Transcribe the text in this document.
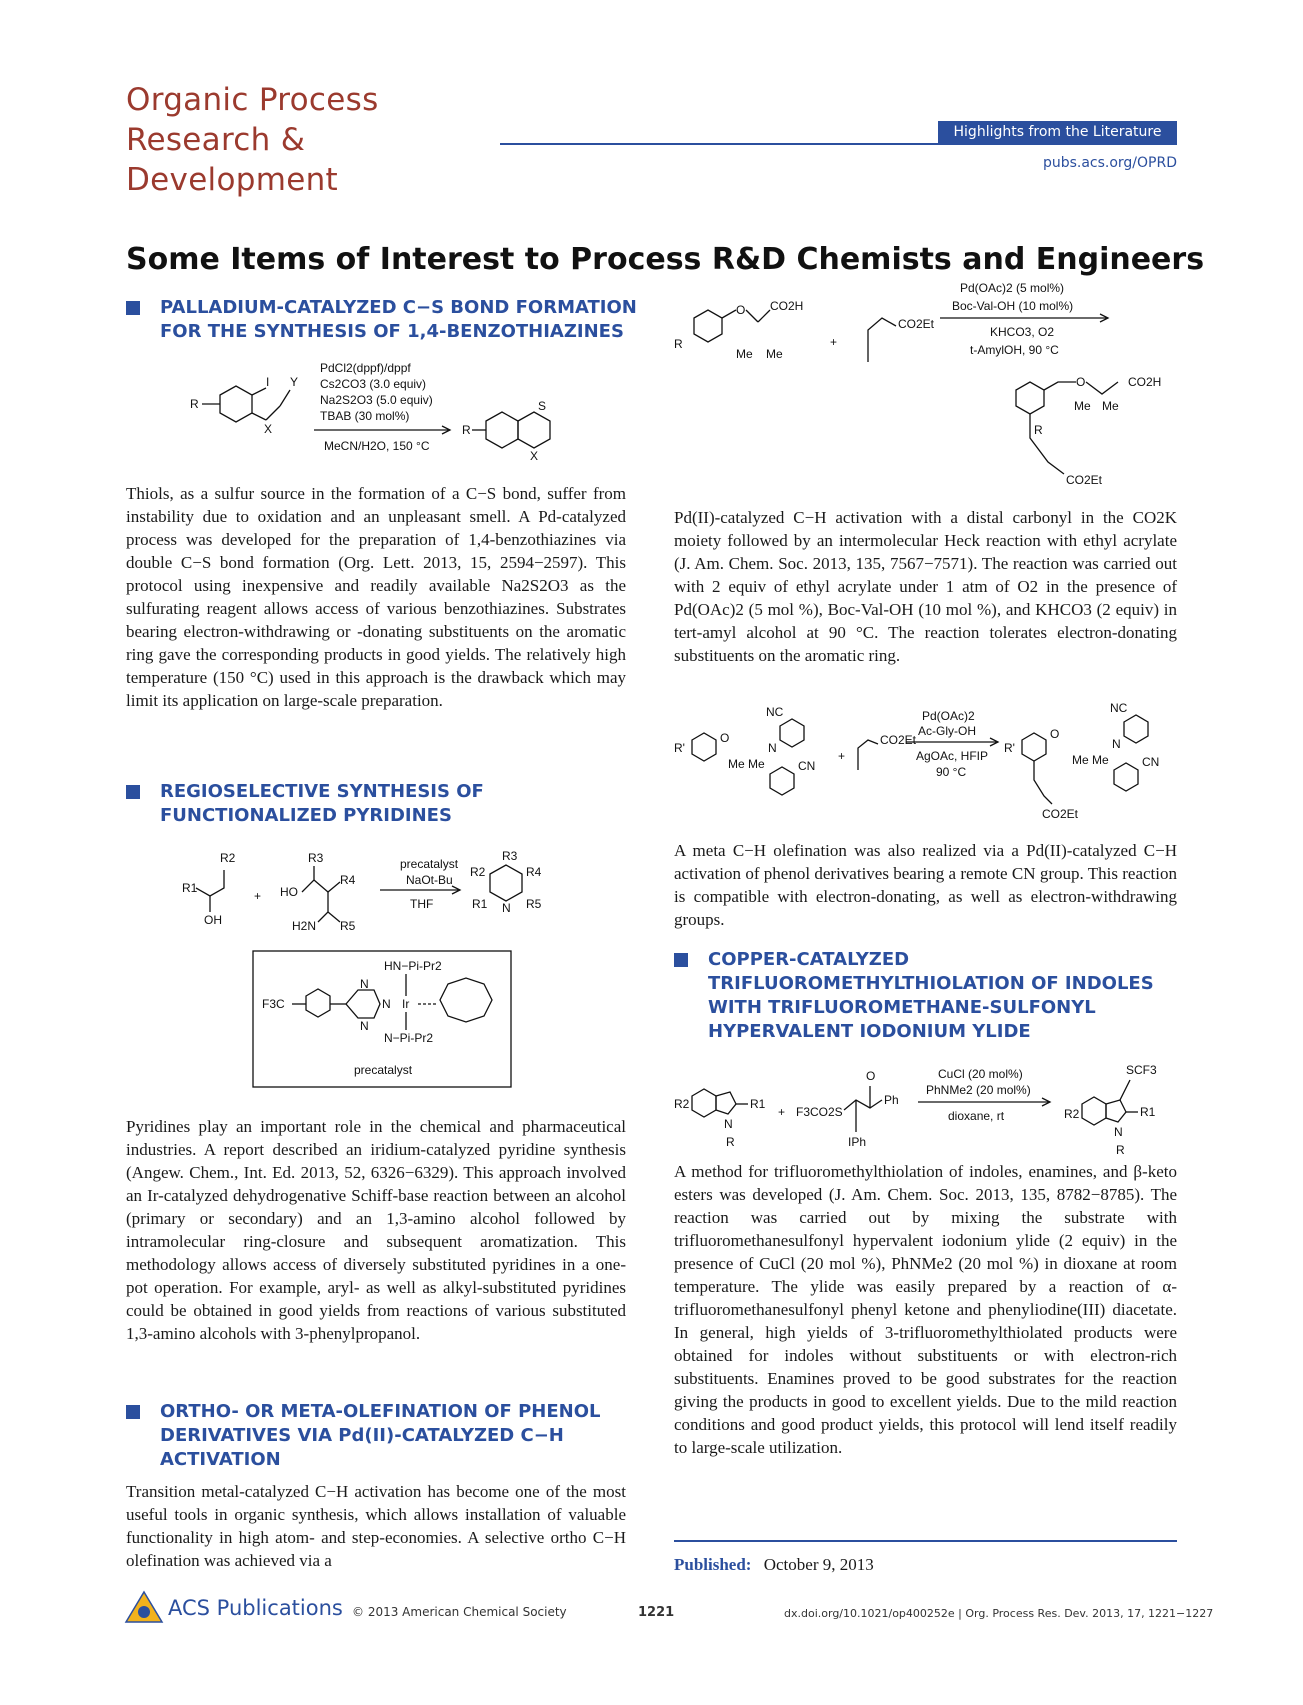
Organic Process
Research &
Development
Highlights from the Literature
pubs.acs.org/OPRD
Some Items of Interest to Process R&D Chemists and Engineers
PALLADIUM-CATALYZED C−S BOND FORMATION
FOR THE SYNTHESIS OF 1,4-BENZOTHIAZINES
R
I Y
X
PdCl2(dppf)/dppf
Cs2CO3 (3.0 equiv)
Na2S2O3 (5.0 equiv)
TBAB (30 mol%)
MeCN/H2O, 150 °C
R
S
X
Thiols, as a sulfur source in the formation of a C−S bond, suffer from instability due to oxidation and an unpleasant smell. A Pd-catalyzed process was developed for the preparation of 1,4-benzothiazines via double C−S bond formation (Org. Lett. 2013, 15, 2594−2597). This protocol using inexpensive and readily available Na2S2O3 as the sulfurating reagent allows access of various benzothiazines. Substrates bearing electron-withdrawing or -donating substituents on the aromatic ring gave the corresponding products in good yields. The relatively high temperature (150 °C) used in this approach is the drawback which may limit its application on large-scale preparation.
REGIOSELECTIVE SYNTHESIS OF
FUNCTIONALIZED PYRIDINES
R2
R1
OH
+
R3
R4
HO
H2N R5
precatalyst
NaOt-Bu
THF
R3
R2	R4
R1 N R5
HN−Pi-Pr2
N−Pi-Pr2
F3C
N
N
N Ir
precatalyst
Pyridines play an important role in the chemical and pharmaceutical industries. A report described an iridium-catalyzed pyridine synthesis (Angew. Chem., Int. Ed. 2013, 52, 6326−6329). This approach involved an Ir-catalyzed dehydrogenative Schiff-base reaction between an alcohol (primary or secondary) and an 1,3-amino alcohol followed by intramolecular ring-closure and subsequent aromatization. This methodology allows access of diversely substituted pyridines in a one-pot operation. For example, aryl- as well as alkyl-substituted pyridines could be obtained in good yields from reactions of various substituted 1,3-amino alcohols with 3-phenylpropanol.
ORTHO- OR META-OLEFINATION OF PHENOL
DERIVATIVES VIA Pd(II)-CATALYZED C−H
ACTIVATION
Transition metal-catalyzed C−H activation has become one of the most useful tools in organic synthesis, which allows installation of valuable functionality in high atom- and step-economies. A selective ortho C−H olefination was achieved via a
R
O CO2H
Me Me
+
CO2Et
Pd(OAc)2 (5 mol%)
Boc-Val-OH (10 mol%)
KHCO3, O2
t-AmylOH, 90 °C
R
O	CO2H
Me Me
CO2Et
Pd(II)-catalyzed C−H activation with a distal carbonyl in the CO2K moiety followed by an intermolecular Heck reaction with ethyl acrylate (J. Am. Chem. Soc. 2013, 135, 7567−7571). The reaction was carried out with 2 equiv of ethyl acrylate under 1 atm of O2 in the presence of Pd(OAc)2 (5 mol %), Boc-Val-OH (10 mol %), and KHCO3 (2 equiv) in tert-amyl alcohol at 90 °C. The reaction tolerates electron-donating substituents on the aromatic ring.
R'
O
NC
N
Me Me	CN
+
CO2Et
Pd(OAc)2
Ac-Gly-OH
AgOAc, HFIP
90 °C
R'
O
NC
N
Me Me	CN
CO2Et
A meta C−H olefination was also realized via a Pd(II)-catalyzed C−H activation of phenol derivatives bearing a remote CN group. This reaction is compatible with electron-donating, as well as electron-withdrawing groups.
COPPER-CATALYZED
TRIFLUOROMETHYLTHIOLATION OF INDOLES
WITH TRIFLUOROMETHANE-SULFONYL
HYPERVALENT IODONIUM YLIDE
R2	R1
N
R
+ F3CO2S
O
Ph
IPh
CuCl (20 mol%)
PhNMe2 (20 mol%)
dioxane, rt
SCF3
R2	R1
N
R
A method for trifluoromethylthiolation of indoles, enamines, and β-keto esters was developed (J. Am. Chem. Soc. 2013, 135, 8782−8785). The reaction was carried out by mixing the substrate with trifluoromethanesulfonyl hypervalent iodonium ylide (2 equiv) in the presence of CuCl (20 mol %), PhNMe2 (20 mol %) in dioxane at room temperature. The ylide was easily prepared by a reaction of α-trifluoromethanesulfonyl phenyl ketone and phenyliodine(III) diacetate. In general, high yields of 3-trifluoromethylthiolated products were obtained for indoles without substituents or with electron-rich substituents. Enamines proved to be good substrates for the reaction giving the products in good to excellent yields. Due to the mild reaction conditions and good product yields, this protocol will lend itself readily to large-scale utilization.
Published: October 9, 2013
ACS Publications © 2013 American Chemical Society	1221	dx.doi.org/10.1021/op400252e | Org. Process Res. Dev. 2013, 17, 1221−1227
